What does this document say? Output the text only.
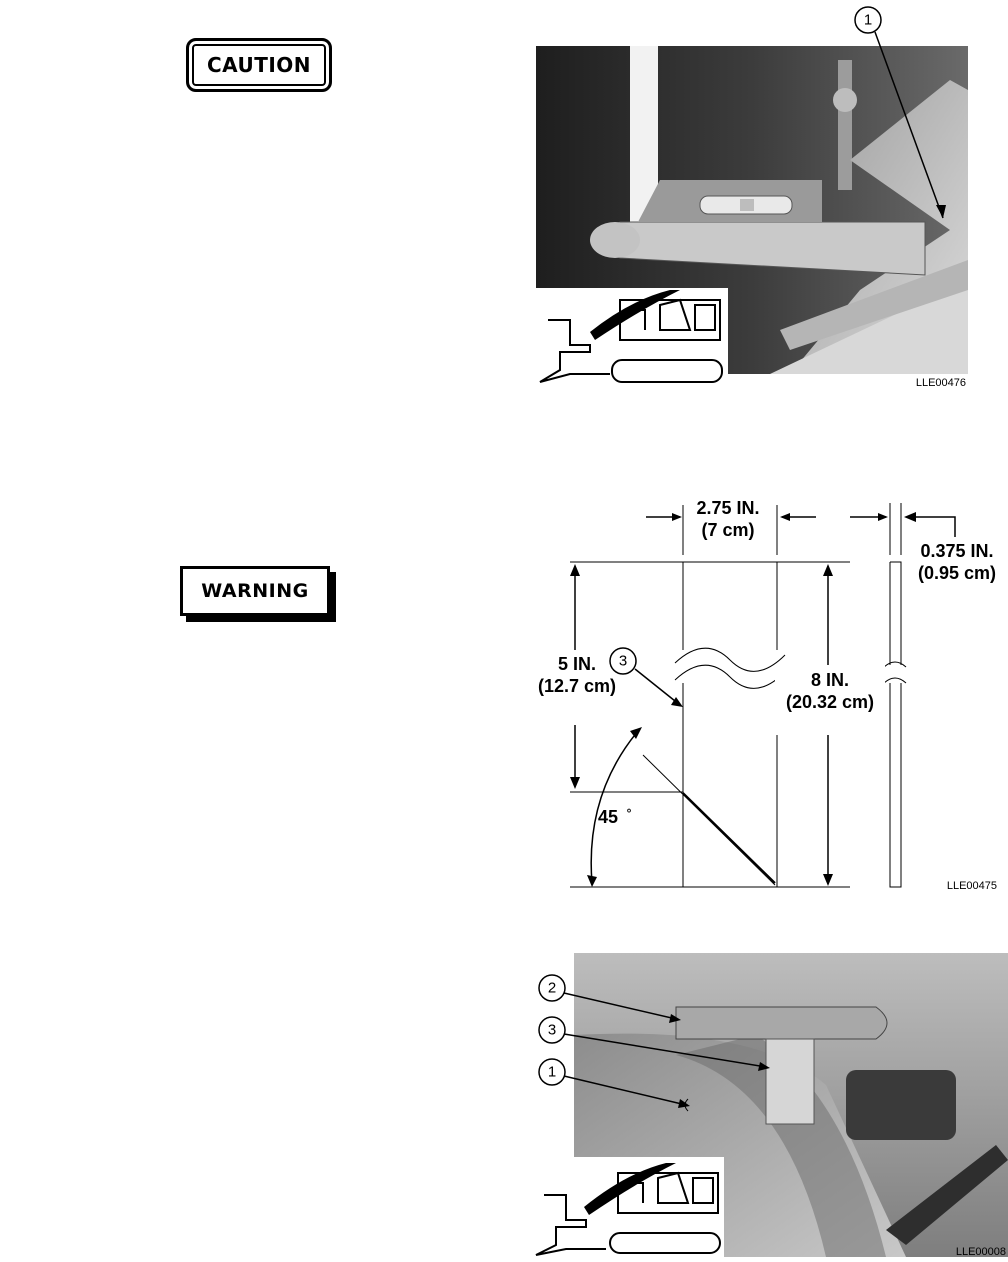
CAUTION
WARNING
1
LLE00476
2.75 IN.
(7 cm)
0.375 IN.
(0.95 cm)
5 IN.
(12.7 cm)	8 IN.
(20.32 cm)
45 °
3
LLE00475
2
3
1
LLE00008
